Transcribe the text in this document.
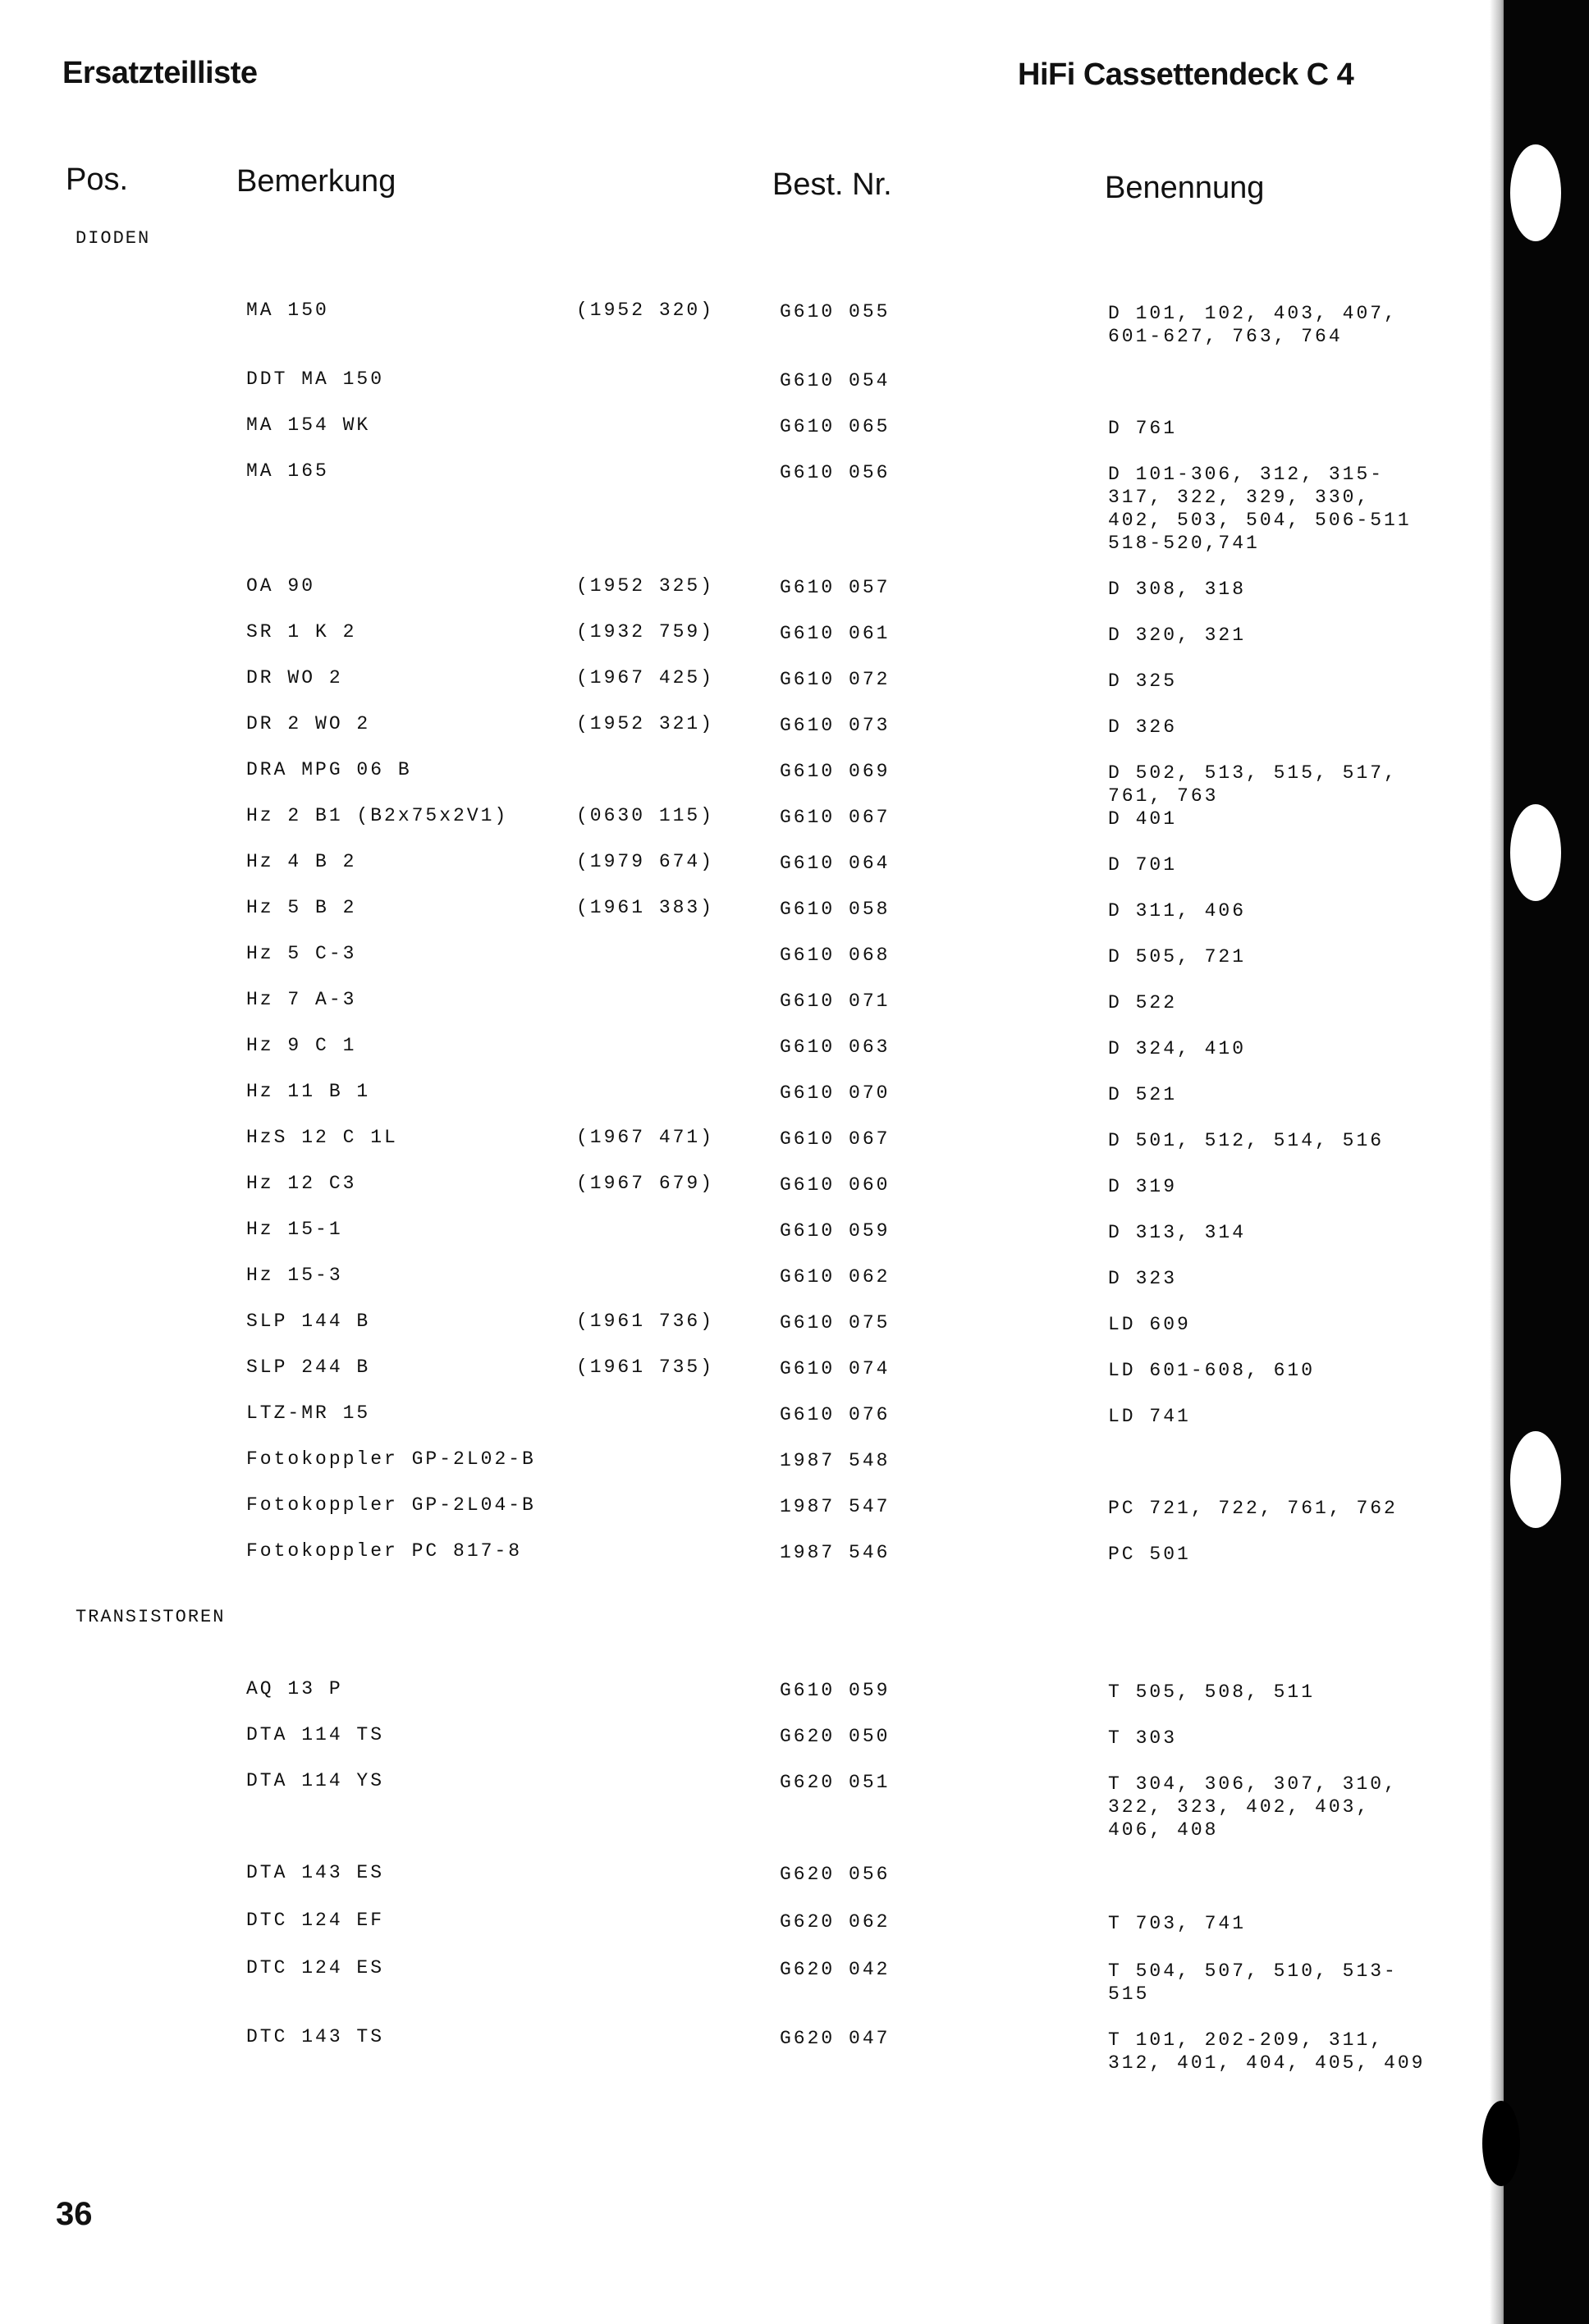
Ersatzteilliste	HiFi Cassettendeck C 4
Pos.	Bemerkung	Best. Nr.	Benennung
DIODEN
MA 150	(1952 320)	G610 055	D 101, 102, 403, 407,
601-627, 763, 764
DDT MA 150	G610 054
MA 154 WK	G610 065	D 761
MA 165	G610 056	D 101-306, 312, 315-
317, 322, 329, 330,
402, 503, 504, 506-511
518-520,741
OA 90	(1952 325)	G610 057	D 308, 318
SR 1 K 2	(1932 759)	G610 061	D 320, 321
DR WO 2	(1967 425)	G610 072	D 325
DR 2 WO 2	(1952 321)	G610 073	D 326
DRA MPG 06 B	G610 069	D 502, 513, 515, 517,
761, 763
Hz 2 B1 (B2x75x2V1)	(0630 115)	G610 067	D 401
Hz 4 B 2	(1979 674)	G610 064	D 701
Hz 5 B 2	(1961 383)	G610 058	D 311, 406
Hz 5 C-3	G610 068	D 505, 721
Hz 7 A-3	G610 071	D 522
Hz 9 C 1	G610 063	D 324, 410
Hz 11 B 1	G610 070	D 521
HzS 12 C 1L	(1967 471)	G610 067	D 501, 512, 514, 516
Hz 12 C3	(1967 679)	G610 060	D 319
Hz 15-1	G610 059	D 313, 314
Hz 15-3	G610 062	D 323
SLP 144 B	(1961 736)	G610 075	LD 609
SLP 244 B	(1961 735)	G610 074	LD 601-608, 610
LTZ-MR 15	G610 076	LD 741
Fotokoppler GP-2L02-B	1987 548
Fotokoppler GP-2L04-B	1987 547	PC 721, 722, 761, 762
Fotokoppler PC 817-8	1987 546	PC 501
TRANSISTOREN
AQ 13 P	G610 059	T 505, 508, 511
DTA 114 TS	G620 050	T 303
DTA 114 YS	G620 051	T 304, 306, 307, 310,
322, 323, 402, 403,
406, 408
DTA 143 ES	G620 056
DTC 124 EF	G620 062	T 703, 741
DTC 124 ES	G620 042	T 504, 507, 510, 513-
515
DTC 143 TS	G620 047	T 101, 202-209, 311,
312, 401, 404, 405, 409
36
